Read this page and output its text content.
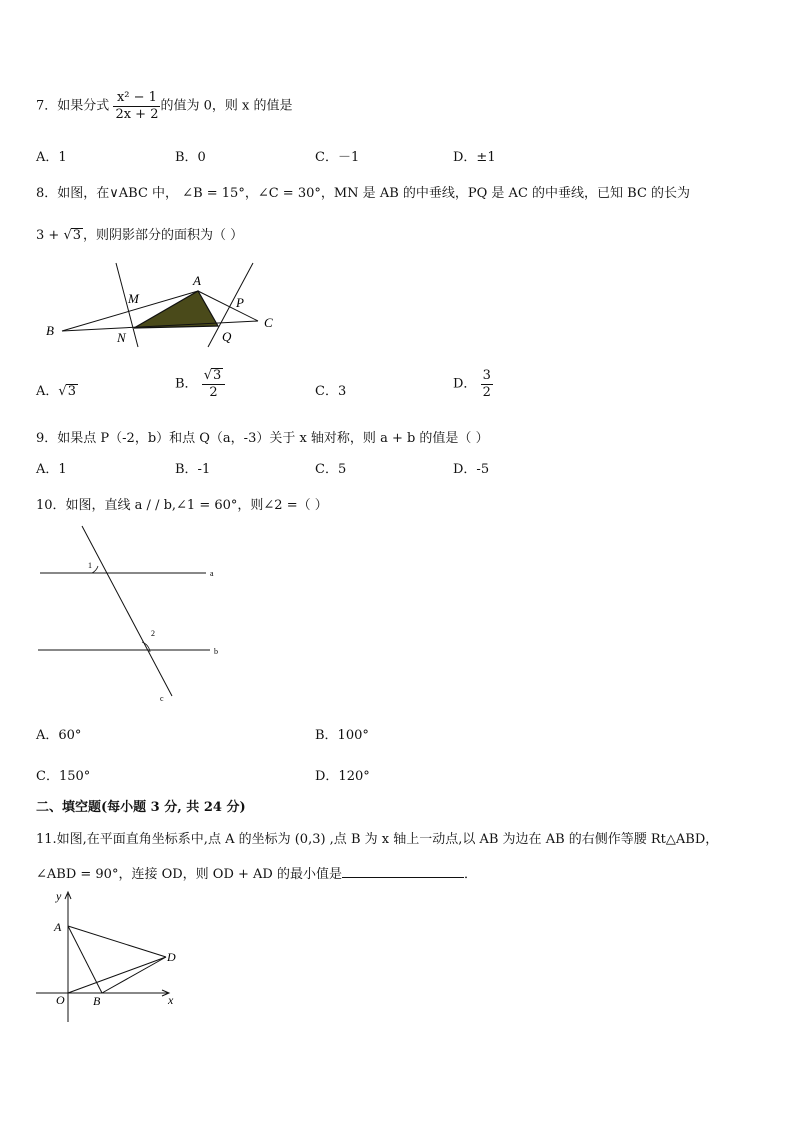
7．如果分式 $\frac{\text{x² − 1}}{2x + 2}$ 的值为 0，则 x 的值是
A．1	B．0	C．－1	D．±1
8．如图，在∨ABC 中， ∠B = 15°，∠C = 30°，MN 是 AB 的中垂线，PQ 是 AC 的中垂线，已知 BC 的长为
3 + √3 ，则阴影部分的面积为（ ）
A
B
C
M
N
P
Q
A．√3	B． $\frac{√3}{2}$	C．3	D． $\frac{3}{2}$
9．如果点 P（-2，b）和点 Q（a，-3）关于 x 轴对称，则 a + b 的值是（ ）
A．1	B．-1	C．5	D．-5
10．如图，直线 a / / b,∠1 = 60°，则∠2 =（ ）
a
b
c
1
2
A．60°	B．100°
C．150°	D．120°
二、填空题(每小题 3 分, 共 24 分)
11.如图,在平面直角坐标系中,点 A 的坐标为 (0,3) ,点 B 为 x 轴上一动点,以 AB 为边在 AB 的右侧作等腰 Rt△ABD，
∠ABD = 90°，连接 OD，则 OD + AD 的最小值是	．
y
x
A
O B
D
